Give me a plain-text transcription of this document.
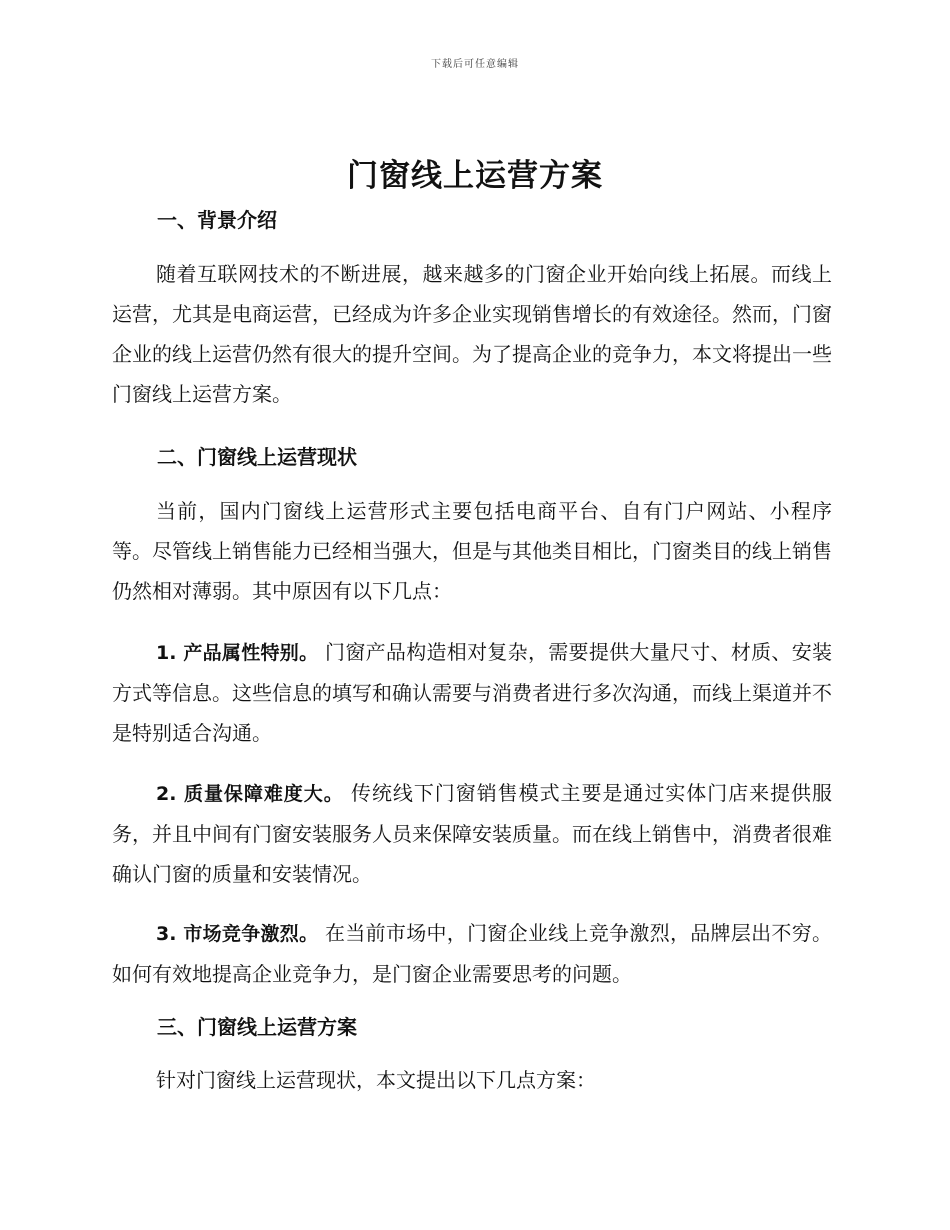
下载后可任意编辑
门窗线上运营方案
一、背景介绍

随着互联网技术的不断进展，越来越多的门窗企业开始向线上拓展。而线上运营，尤其是电商运营，已经成为许多企业实现销售增长的有效途径。然而，门窗企业的线上运营仍然有很大的提升空间。为了提高企业的竞争力，本文将提出一些门窗线上运营方案。

二、门窗线上运营现状

当前，国内门窗线上运营形式主要包括电商平台、自有门户网站、小程序等。尽管线上销售能力已经相当强大，但是与其他类目相比，门窗类目的线上销售仍然相对薄弱。其中原因有以下几点：

1. 产品属性特别。 门窗产品构造相对复杂，需要提供大量尺寸、材质、安装方式等信息。这些信息的填写和确认需要与消费者进行多次沟通，而线上渠道并不是特别适合沟通。

2. 质量保障难度大。 传统线下门窗销售模式主要是通过实体门店来提供服务，并且中间有门窗安装服务人员来保障安装质量。而在线上销售中，消费者很难确认门窗的质量和安装情况。

3. 市场竞争激烈。 在当前市场中，门窗企业线上竞争激烈，品牌层出不穷。如何有效地提高企业竞争力，是门窗企业需要思考的问题。

三、门窗线上运营方案

针对门窗线上运营现状，本文提出以下几点方案：
